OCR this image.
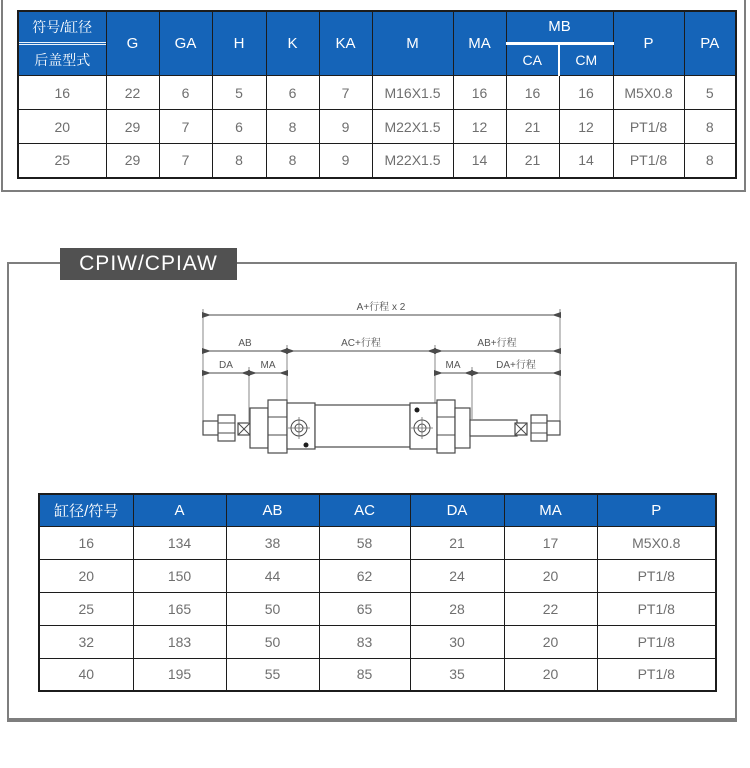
符号/缸径
后盖型式	G	GA	H	K	KA	M	MA	MB		P	PA
								CA	CM		
16	22	6	5	6	7	M16X1.5	16	16	16	M5X0.8	5
20	29	7	6	8	9	M22X1.5	12	21	12	PT1/8	8
25	29	7	8	8	9	M22X1.5	14	21	14	PT1/8	8
CPIW/CPIAW
A+行程 x 2
AB	AC+行程	AB+行程
DA	MA	MA	DA+行程
缸径/符号	A	AB	AC	DA	MA	P
16	134	38	58	21	17	M5X0.8
20	150	44	62	24	20	PT1/8
25	165	50	65	28	22	PT1/8
32	183	50	83	30	20	PT1/8
40	195	55	85	35	20	PT1/8
